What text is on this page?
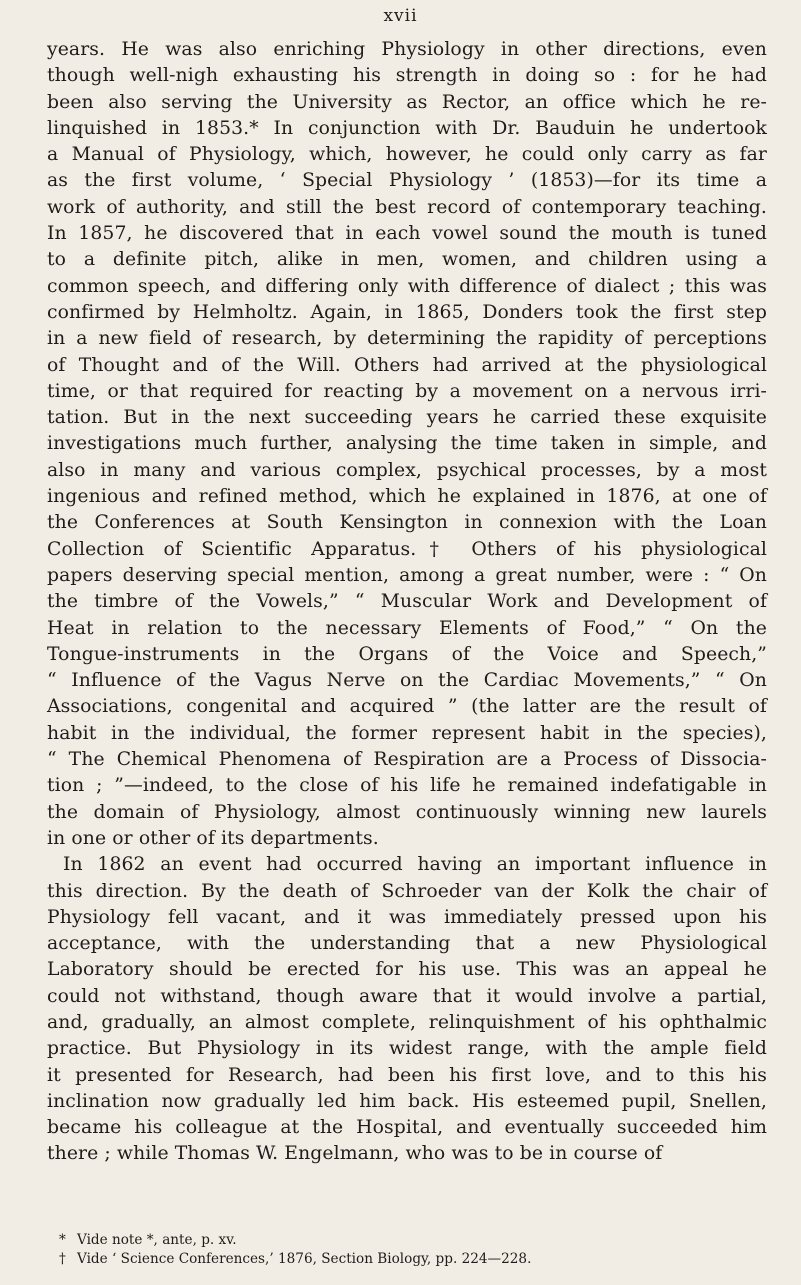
xvii
years. He was also enriching Physiology in other directions, even
though well-nigh exhausting his strength in doing so : for he had
been also serving the University as Rector, an office which he re-
linquished in 1853.* In conjunction with Dr. Bauduin he undertook
a Manual of Physiology, which, however, he could only carry as far
as the first volume, ‘ Special Physiology ’ (1853)—for its time a
work of authority, and still the best record of contemporary teaching.
In 1857, he discovered that in each vowel sound the mouth is tuned
to a definite pitch, alike in men, women, and children using a
common speech, and differing only with difference of dialect ; this was
confirmed by Helmholtz. Again, in 1865, Donders took the first step
in a new field of research, by determining the rapidity of perceptions
of Thought and of the Will. Others had arrived at the physiological
time, or that required for reacting by a movement on a nervous irri-
tation. But in the next succeeding years he carried these exquisite
investigations much further, analysing the time taken in simple, and
also in many and various complex, psychical processes, by a most
ingenious and refined method, which he explained in 1876, at one of
the Conferences at South Kensington in connexion with the Loan
Collection of Scientific Apparatus.† Others of his physiological
papers deserving special mention, among a great number, were : “ On
the timbre of the Vowels,” “ Muscular Work and Development of
Heat in relation to the necessary Elements of Food,” “ On the
Tongue-instruments in the Organs of the Voice and Speech,”
“ Influence of the Vagus Nerve on the Cardiac Movements,” “ On
Associations, congenital and acquired ” (the latter are the result of
habit in the individual, the former represent habit in the species),
“ The Chemical Phenomena of Respiration are a Process of Dissocia-
tion ; ”—indeed, to the close of his life he remained indefatigable in
the domain of Physiology, almost continuously winning new laurels
in one or other of its departments.
In 1862 an event had occurred having an important influence in
this direction. By the death of Schroeder van der Kolk the chair of
Physiology fell vacant, and it was immediately pressed upon his
acceptance, with the understanding that a new Physiological
Laboratory should be erected for his use. This was an appeal he
could not withstand, though aware that it would involve a partial,
and, gradually, an almost complete, relinquishment of his ophthalmic
practice. But Physiology in its widest range, with the ample field
it presented for Research, had been his first love, and to this his
inclination now gradually led him back. His esteemed pupil, Snellen,
became his colleague at the Hospital, and eventually succeeded him
there ; while Thomas W. Engelmann, who was to be in course of
* Vide note *, ante, p. xv.
† Vide ‘ Science Conferences,’ 1876, Section Biology, pp. 224—228.
